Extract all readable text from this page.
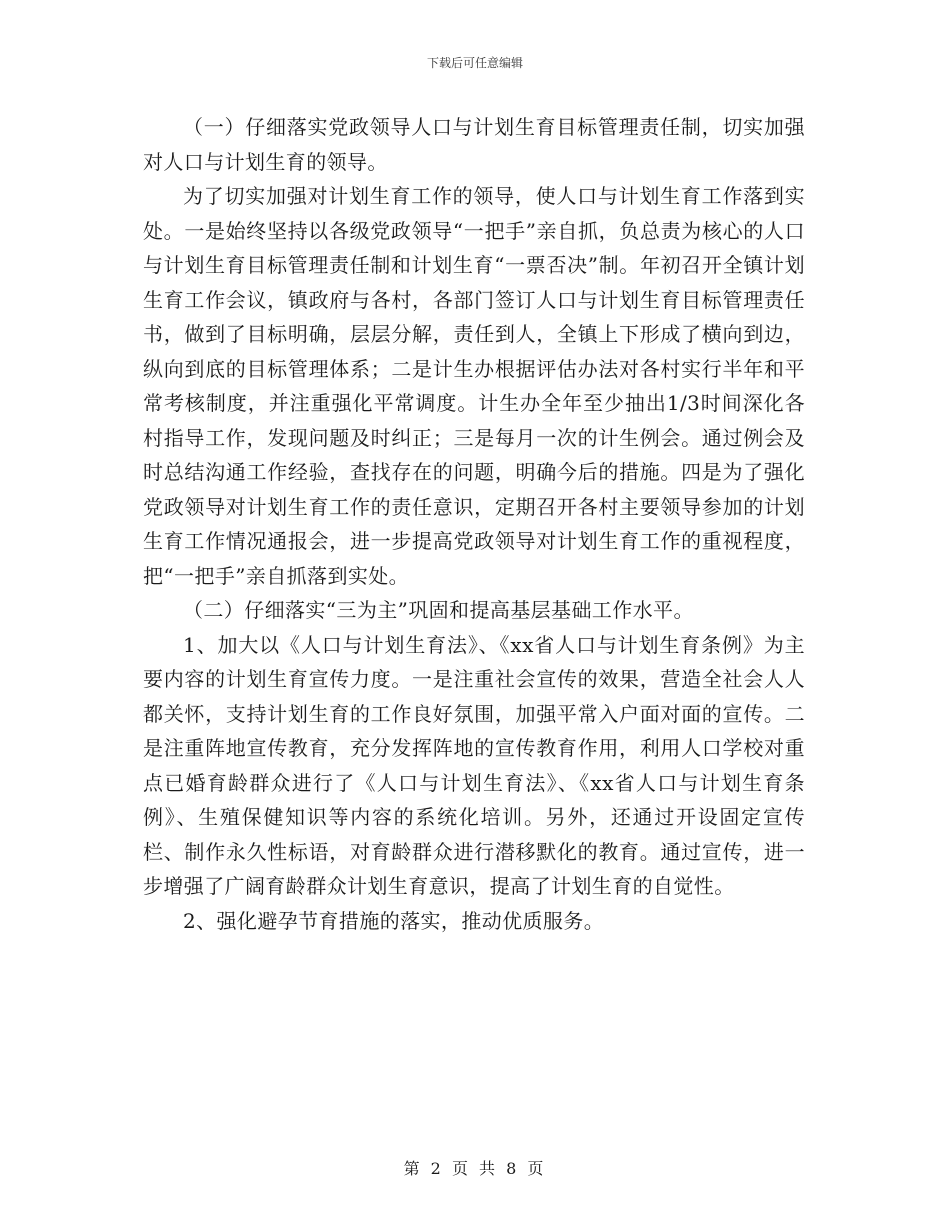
下载后可任意编辑

（一）仔细落实党政领导人口与计划生育目标管理责任制，切实加强对人口与计划生育的领导。

为了切实加强对计划生育工作的领导，使人口与计划生育工作落到实处。一是始终坚持以各级党政领导“一把手”亲自抓，负总责为核心的人口与计划生育目标管理责任制和计划生育“一票否决”制。年初召开全镇计划生育工作会议，镇政府与各村，各部门签订人口与计划生育目标管理责任书，做到了目标明确，层层分解，责任到人，全镇上下形成了横向到边，纵向到底的目标管理体系；二是计生办根据评估办法对各村实行半年和平常考核制度，并注重强化平常调度。计生办全年至少抽出1/3时间深化各村指导工作，发现问题及时纠正；三是每月一次的计生例会。通过例会及时总结沟通工作经验，查找存在的问题，明确今后的措施。四是为了强化党政领导对计划生育工作的责任意识，定期召开各村主要领导参加的计划生育工作情况通报会，进一步提高党政领导对计划生育工作的重视程度，把“一把手”亲自抓落到实处。

（二）仔细落实“三为主”巩固和提高基层基础工作水平。

1、加大以《人口与计划生育法》、《xx省人口与计划生育条例》为主要内容的计划生育宣传力度。一是注重社会宣传的效果，营造全社会人人都关怀，支持计划生育的工作良好氛围，加强平常入户面对面的宣传。二是注重阵地宣传教育，充分发挥阵地的宣传教育作用，利用人口学校对重点已婚育龄群众进行了《人口与计划生育法》、《xx省人口与计划生育条例》、生殖保健知识等内容的系统化培训。另外，还通过开设固定宣传栏、制作永久性标语，对育龄群众进行潜移默化的教育。通过宣传，进一步增强了广阔育龄群众计划生育意识，提高了计划生育的自觉性。

2、强化避孕节育措施的落实，推动优质服务。

第 2 页 共 8 页
